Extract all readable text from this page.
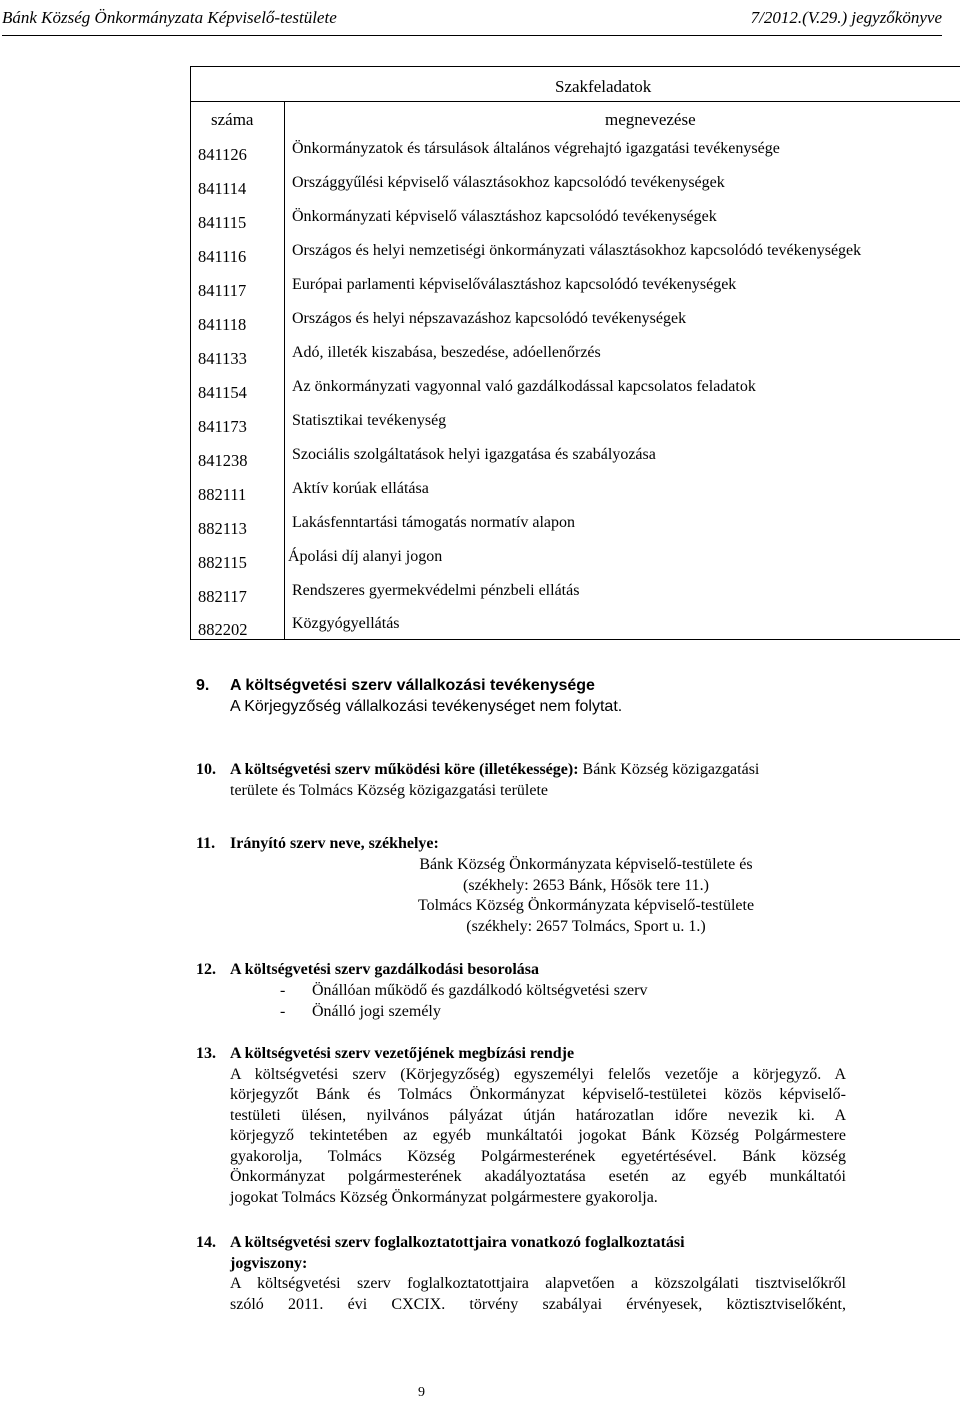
Bánk Község Önkormányzata Képviselő-testülete	7/2012.(V.29.) jegyzőkönyve
Szakfeladatok
száma	megnevezése
841126	Önkormányzatok és társulások általános végrehajtó igazgatási tevékenysége
841114	Országgyűlési képviselő választásokhoz kapcsolódó tevékenységek
841115	Önkormányzati képviselő választáshoz kapcsolódó tevékenységek
841116	Országos és helyi nemzetiségi önkormányzati választásokhoz kapcsolódó tevékenységek
841117	Európai parlamenti képviselőválasztáshoz kapcsolódó tevékenységek
841118	Országos és helyi népszavazáshoz kapcsolódó tevékenységek
841133	Adó, illeték kiszabása, beszedése, adóellenőrzés
841154	Az önkormányzati vagyonnal való gazdálkodással kapcsolatos feladatok
841173	Statisztikai tevékenység
841238	Szociális szolgáltatások helyi igazgatása és szabályozása
882111	Aktív korúak ellátása
882113	Lakásfenntartási támogatás normatív alapon
882115	Ápolási díj alanyi jogon
882117	Rendszeres gyermekvédelmi pénzbeli ellátás
882202	Közgyógyellátás
9. A költségvetési szerv vállalkozási tevékenysége
A Körjegyzőség vállalkozási tevékenységet nem folytat.
10. A költségvetési szerv működési köre (illetékessége): Bánk Község közigazgatási
területe és Tolmács Község közigazgatási területe
11. Irányító szerv neve, székhelye:
Bánk Község Önkormányzata képviselő-testülete és
(székhely: 2653 Bánk, Hősök tere 11.)
Tolmács Község Önkormányzata képviselő-testülete
(székhely: 2657 Tolmács, Sport u. 1.)
12. A költségvetési szerv gazdálkodási besorolása
- Önállóan működő és gazdálkodó költségvetési szerv
- Önálló jogi személy
13. A költségvetési szerv vezetőjének megbízási rendje
A költségvetési szerv (Körjegyzőség) egyszemélyi felelős vezetője a körjegyző. A
körjegyzőt Bánk és Tolmács Önkormányzat képviselő-testületei közös képviselő-
testületi ülésen, nyilvános pályázat útján határozatlan időre nevezik ki. A
körjegyző tekintetében az egyéb munkáltatói jogokat Bánk Község Polgármestere
gyakorolja, Tolmács Község Polgármesterének egyetértésével. Bánk község
Önkormányzat polgármesterének akadályoztatása esetén az egyéb munkáltatói
jogokat Tolmács Község Önkormányzat polgármestere gyakorolja.
14. A költségvetési szerv foglalkoztatottjaira vonatkozó foglalkoztatási
jogviszony:
A költségvetési szerv foglalkoztatottjaira alapvetően a közszolgálati tisztviselőkről
szóló 2011. évi CXCIX. törvény szabályai érvényesek, köztisztviselőként,
9
